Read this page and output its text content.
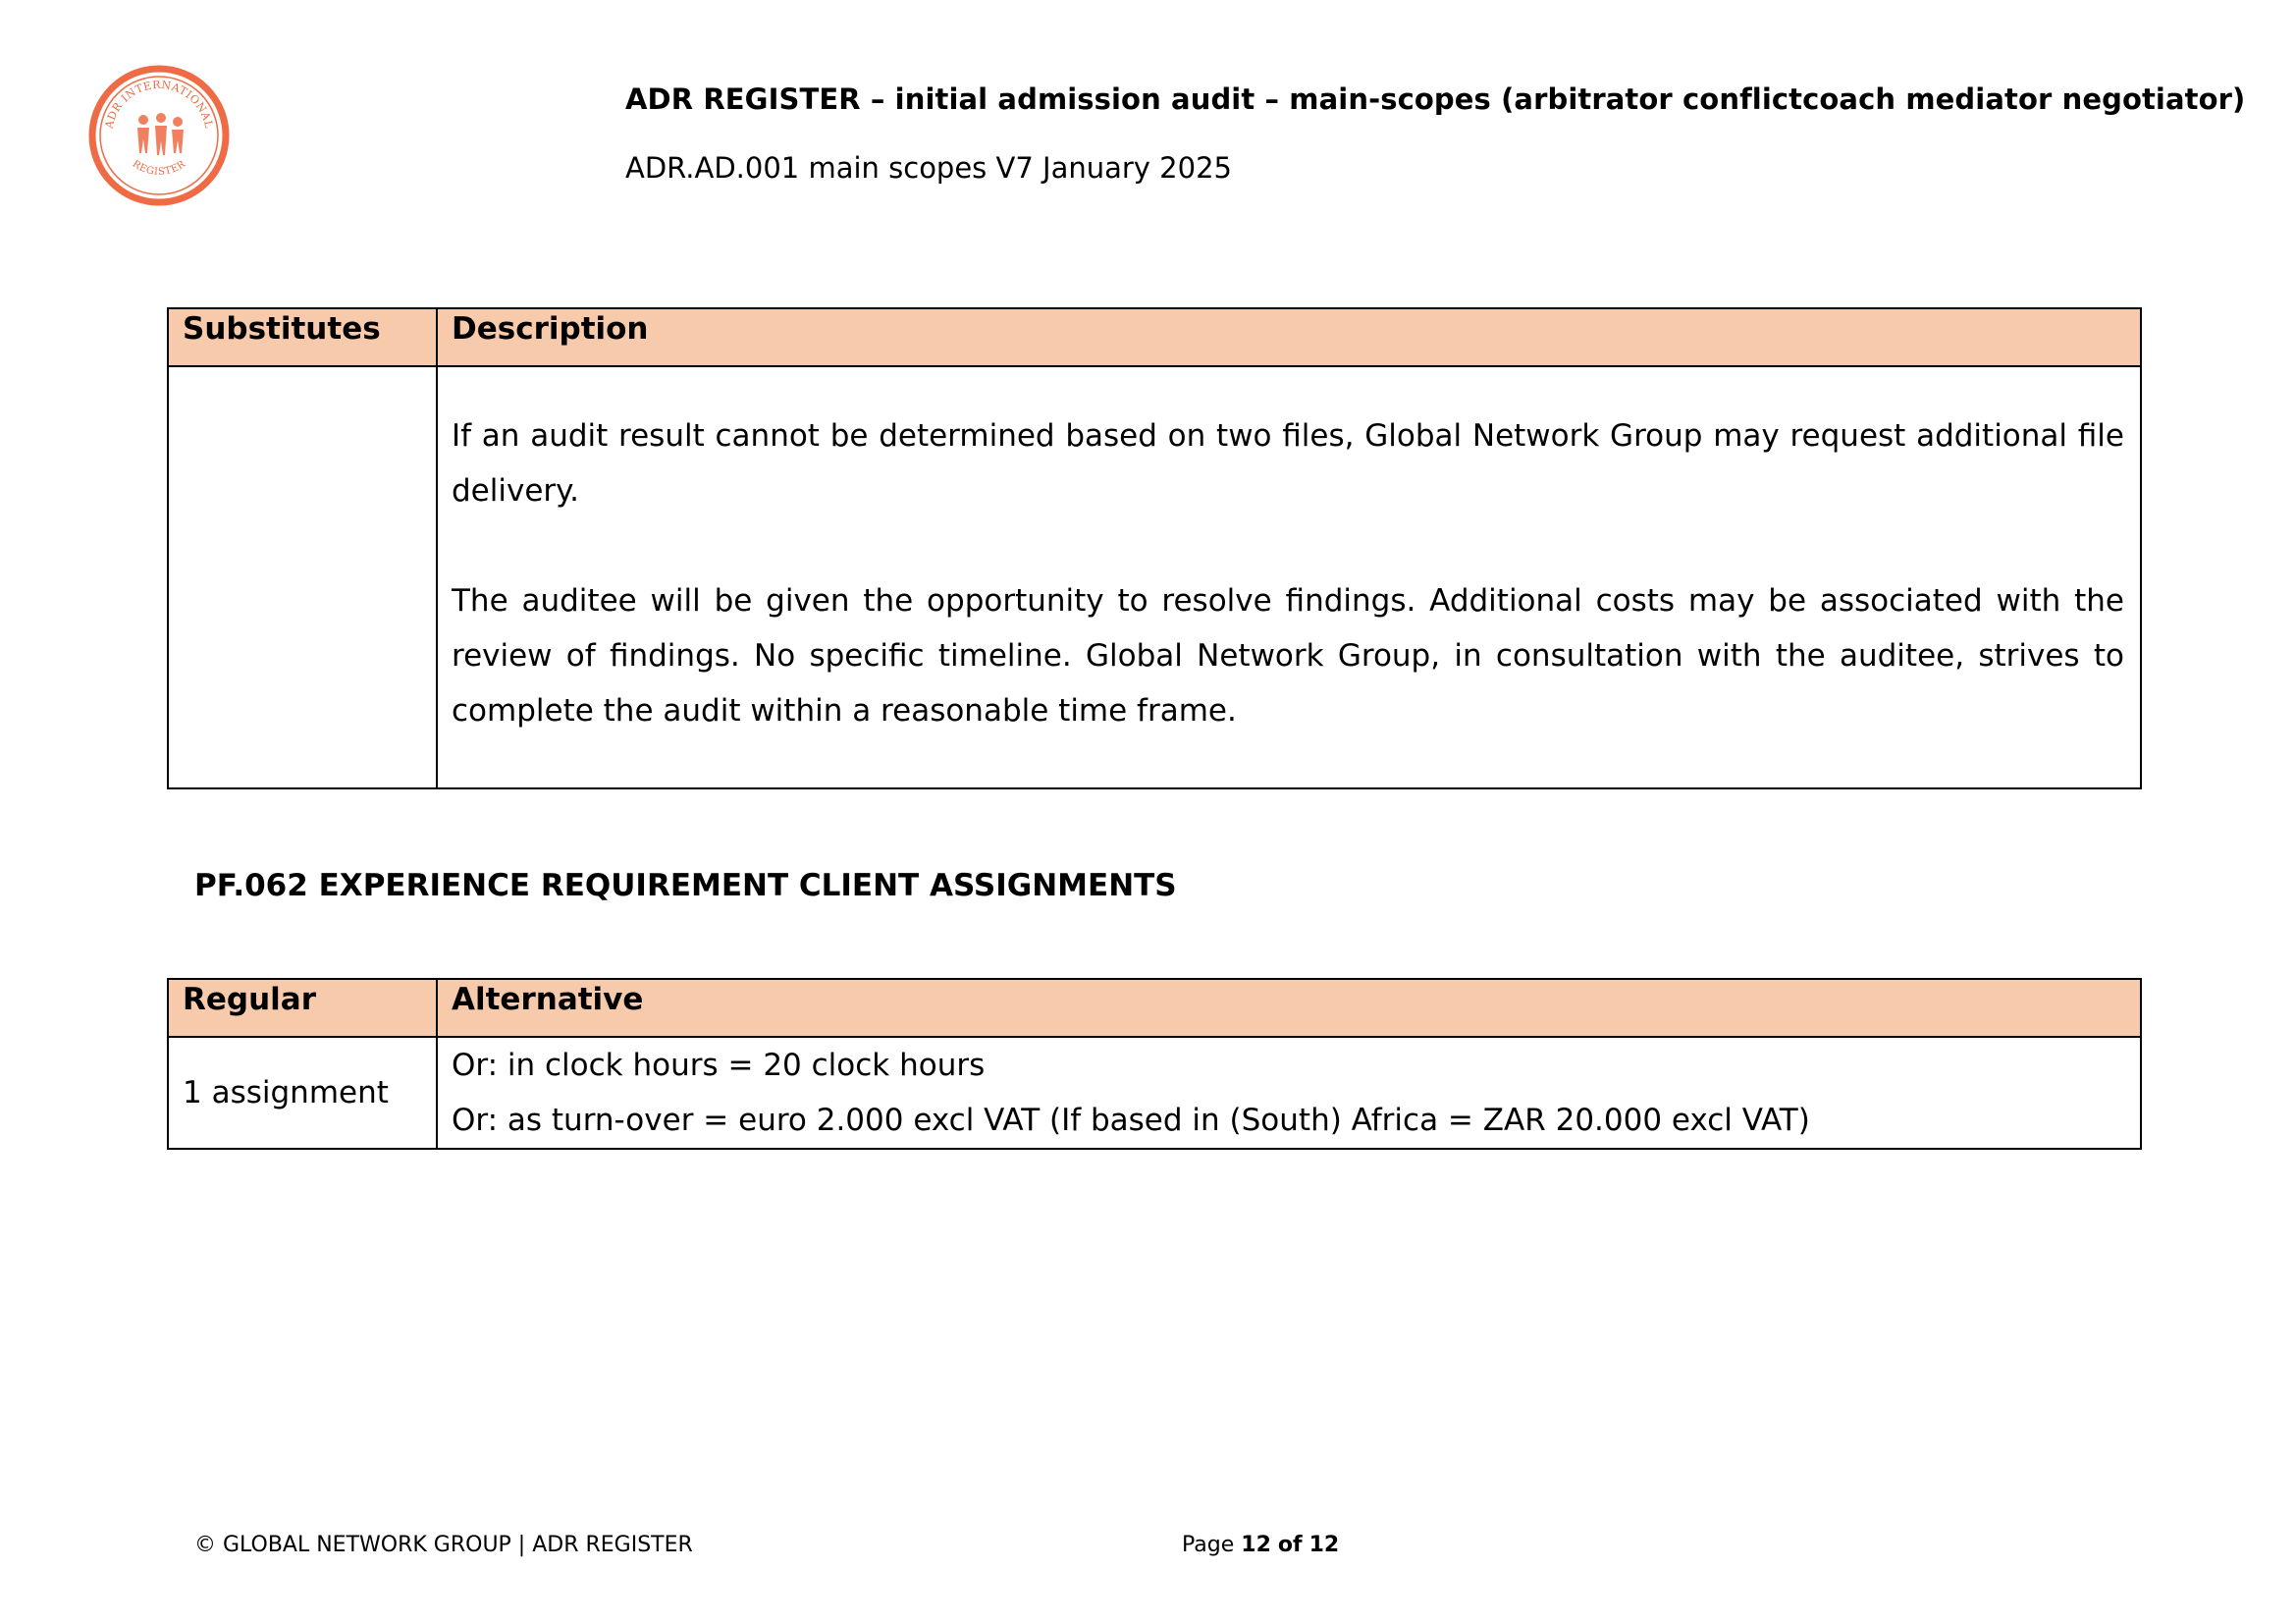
ADR INTERNATIONAL
REGISTER
ADR REGISTER – initial admission audit – main-scopes (arbitrator conflictcoach mediator negotiator)
ADR.AD.001 main scopes V7 January 2025
Substitutes	Description

	If an audit result cannot be determined based on two files, Global Network Group may request additional file delivery.

The auditee will be given the opportunity to resolve findings. Additional costs may be associated with the review of findings. No specific timeline. Global Network Group, in consultation with the auditee, strives to complete the audit within a reasonable time frame.

PF.062 EXPERIENCE REQUIREMENT CLIENT ASSIGNMENTS
Regular	Alternative
1 assignment	Or: in clock hours = 20 clock hours
Or: as turn-over = euro 2.000 excl VAT (If based in (South) Africa = ZAR 20.000 excl VAT)
© GLOBAL NETWORK GROUP | ADR REGISTER	Page 12 of 12
